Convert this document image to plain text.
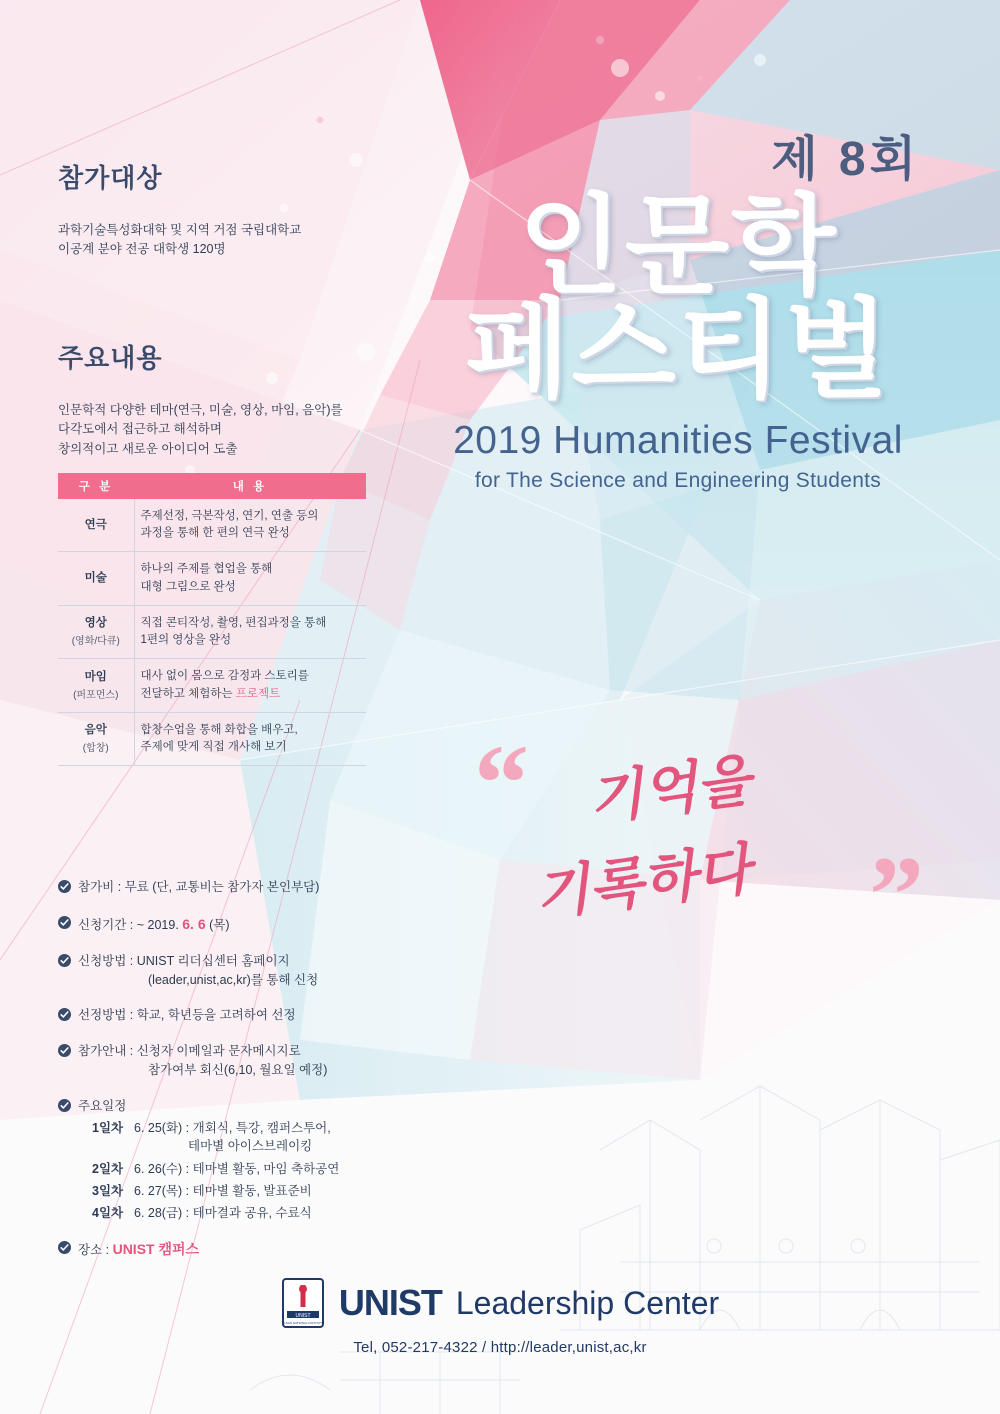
참가대상
과학기술특성화대학 및 지역 거점 국립대학교
이공계 분야 전공 대학생 120명
주요내용
인문학적 다양한 테마(연극, 미술, 영상, 마임, 음악)를
다각도에서 접근하고 해석하며
창의적이고 새로운 아이디어 도출
구 분	내 용
연극	주제선정, 극본작성, 연기, 연출 등의
과정을 통해 한 편의 연극 완성
미술	하나의 주제를 협업을 통해
대형 그림으로 완성
영상
(영화/다큐)	직접 콘티작성, 촬영, 편집과정을 통해
1편의 영상을 완성
마임
(퍼포먼스)	대사 없이 몸으로 감정과 스토리를
전달하고 체험하는 프로젝트
음악
(합창)	합창수업을 통해 화합을 배우고,
주제에 맞게 직접 개사해 보기
참가비 : 무료 (단, 교통비는 참가자 본인부담)
신청기간 : ~ 2019. 6. 6 (목)
신청방법 : UNIST 리더십센터 홈페이지
(leader,unist,ac,kr)를 통해 신청
선정방법 : 학교, 학년등을 고려하여 선정
참가안내 : 신청자 이메일과 문자메시지로
참가여부 회신(6,10, 월요일 예정)
주요일정
1일차 6. 25(화) : 개회식, 특강, 캠퍼스투어,
테마별 아이스브레이킹
2일차 6. 26(수) : 테마별 활동, 마임 축하공연
3일차 6. 27(목) : 테마별 활동, 발표준비
4일차 6. 28(금) : 테마결과 공유, 수료식
장소 : UNIST 캠퍼스
제 8회
인문학
페스티벌
2019 Humanities Festival
for The Science and Engineering Students
“ 기억을
기록하다 ”
UNIST
ULSAN NATIONAL INSTITUTE UNIST Leadership Center
Tel, 052-217-4322 / http://leader,unist,ac,kr
